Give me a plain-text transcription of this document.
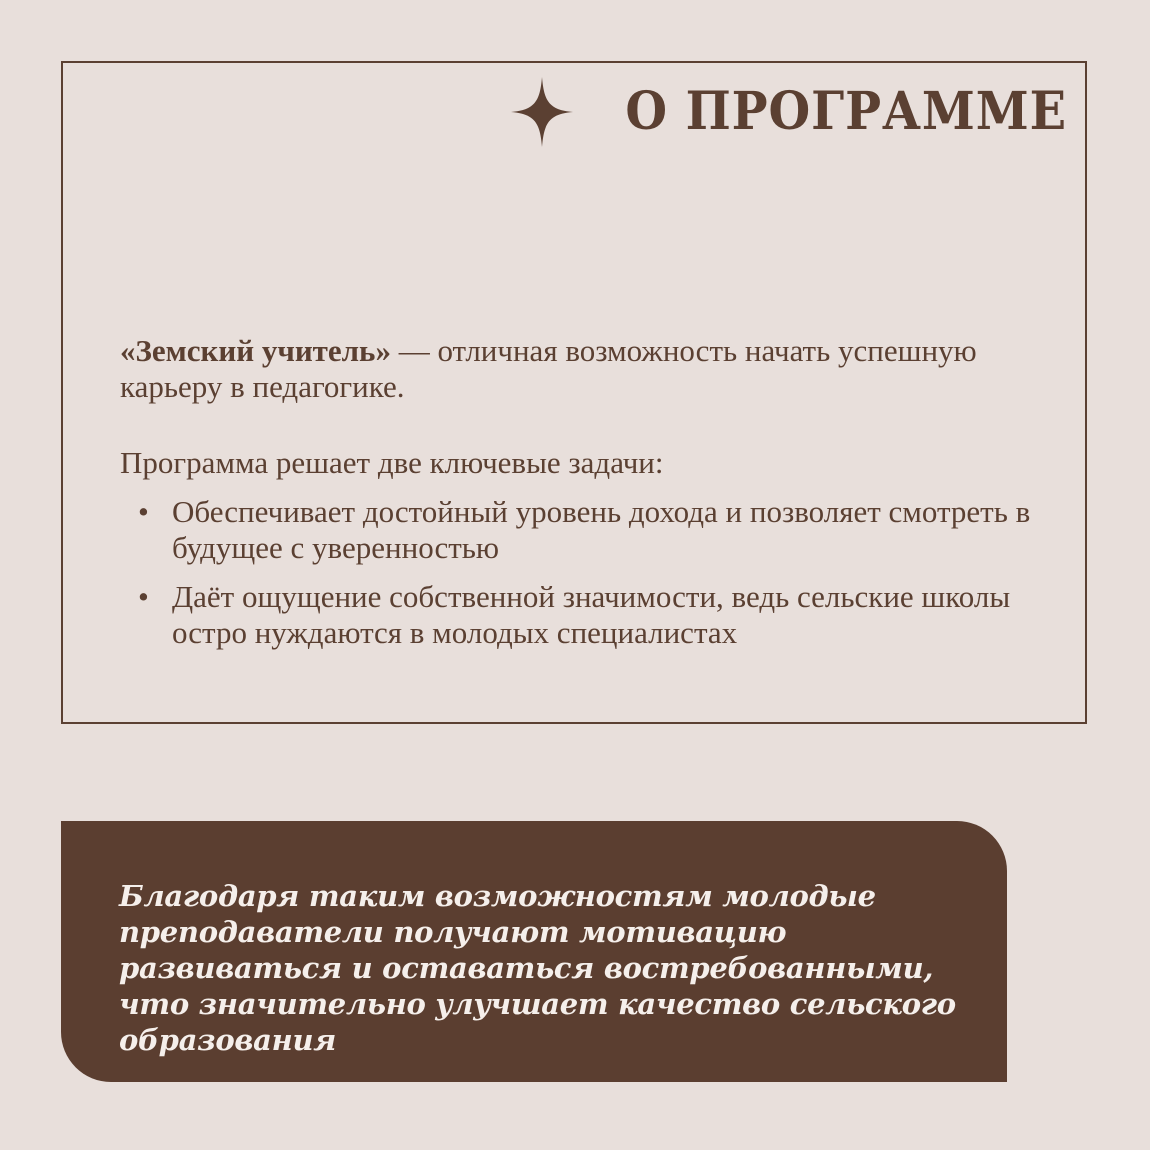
О ПРОГРАММЕ

«Земский учитель» — отличная возможность начать успешную карьеру в педагогике.

Программа решает две ключевые задачи:

• Обеспечивает достойный уровень дохода и позволяет смотреть в будущее с уверенностью
• Даёт ощущение собственной значимости, ведь сельские школы остро нуждаются в молодых специалистах

Благодаря таким возможностям молодые преподаватели получают мотивацию развиваться и оставаться востребованными, что значительно улучшает качество сельского образования
